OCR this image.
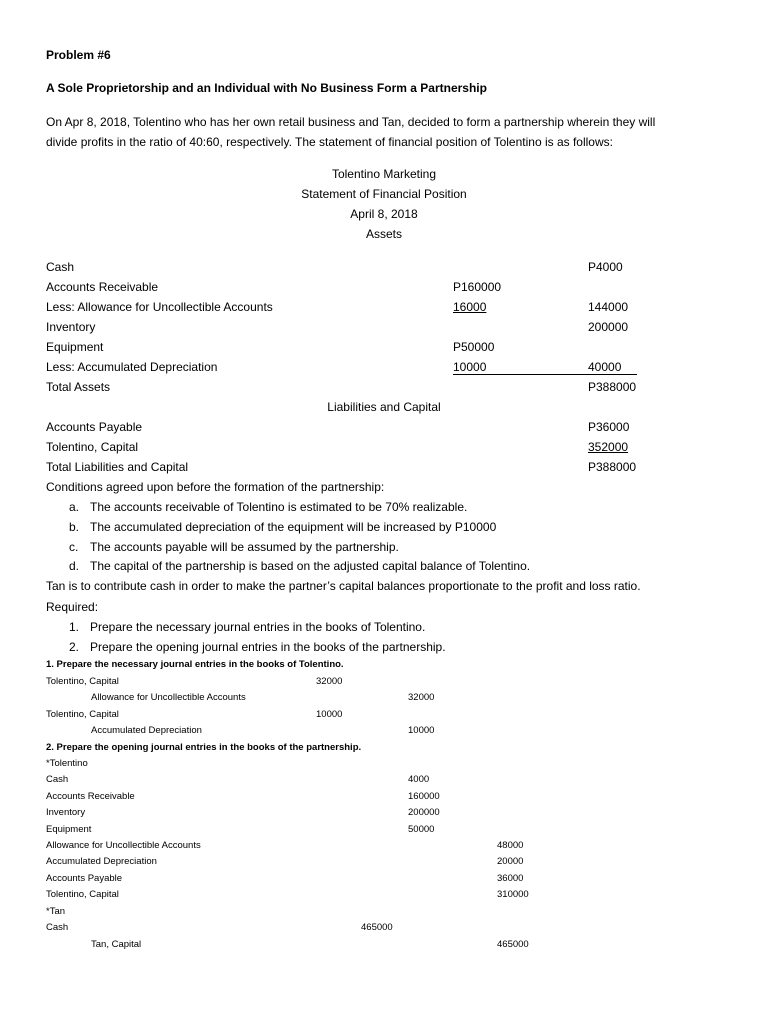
Problem #6
A Sole Proprietorship and an Individual with No Business Form a Partnership
On Apr 8, 2018, Tolentino who has her own retail business and Tan, decided to form a partnership wherein they will
divide profits in the ratio of 40:60, respectively. The statement of financial position of Tolentino is as follows:
Tolentino Marketing
Statement of Financial Position
April 8, 2018
Assets
Cash	P4000
Accounts Receivable	P160000
Less: Allowance for Uncollectible Accounts	16000	144000
Inventory	200000
Equipment	P50000
Less: Accumulated Depreciation	10000	40000
Total Assets	P388000
Liabilities and Capital
Accounts Payable	P36000
Tolentino, Capital	352000
Total Liabilities and Capital	P388000
Conditions agreed upon before the formation of the partnership:
a. The accounts receivable of Tolentino is estimated to be 70% realizable.
b. The accumulated depreciation of the equipment will be increased by P10000
c. The accounts payable will be assumed by the partnership.
d. The capital of the partnership is based on the adjusted capital balance of Tolentino.
Tan is to contribute cash in order to make the partner’s capital balances proportionate to the profit and loss ratio.
Required:
1. Prepare the necessary journal entries in the books of Tolentino.
2. Prepare the opening journal entries in the books of the partnership.
1. Prepare the necessary journal entries in the books of Tolentino.
Tolentino, Capital	32000
Allowance for Uncollectible Accounts	32000
Tolentino, Capital	10000
Accumulated Depreciation	10000
2. Prepare the opening journal entries in the books of the partnership.
*Tolentino
Cash	4000
Accounts Receivable	160000
Inventory	200000
Equipment	50000
Allowance for Uncollectible Accounts	48000
Accumulated Depreciation	20000
Accounts Payable	36000
Tolentino, Capital	310000
*Tan
Cash	465000
Tan, Capital	465000
